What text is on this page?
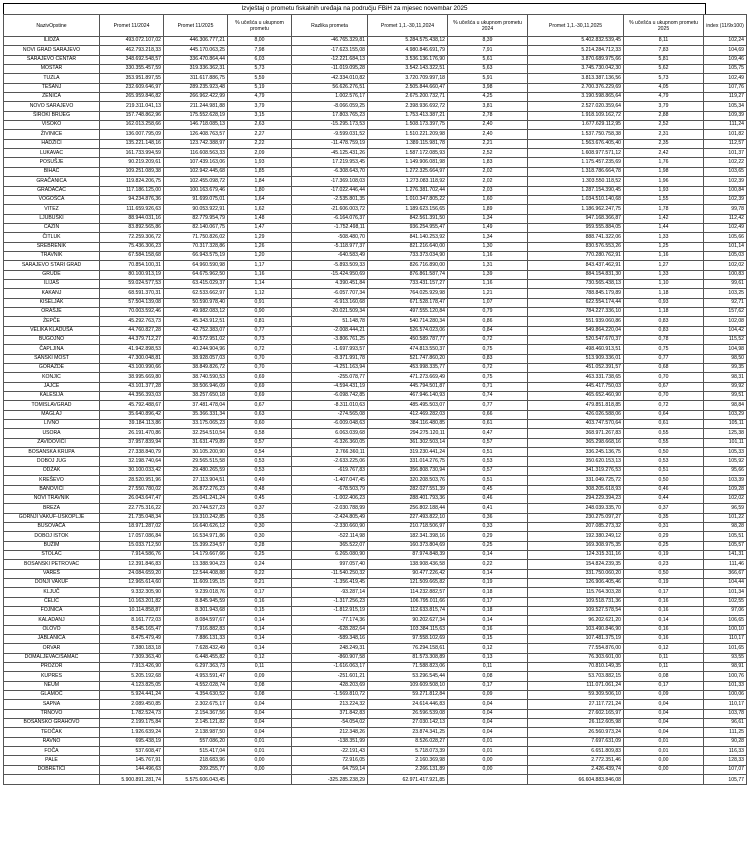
Izvještaj o prometu fiskalnih uređaja na području FBiH za mjesec novembar 2025
NazivOpstine	Promet 11/2024	Promet 11/2025	% učešća u ukupnom prometu	Razlika prometa	Promet 1,1.-30,11,2024	% učešća u ukupnom prometu 2024	Promet 1,1.-30,11,2025	% učešća u ukupnom prometu 2025	index (11/9x100)
ILIDŽA	493.072.107,02	446.306.777,21	8,00	-46.765.329,81	5.284.575.438,12	8,39	5.402.832.539,45	8,11	102,24
NOVI GRAD SARAJEVO	462.793.218,33	445.170.063,25	7,98	-17.623.155,08	4.980.846.691,79	7,91	5.214.284.712,33	7,83	104,69
SARAJEVO CENTAR	348.692.548,57	336.470.864,44	6,03	-12.221.684,13	3.536.136.176,90	5,61	3.870.689.975,66	5,81	109,46
MOSTAR	330.355.457,59	319.336.362,31	5,73	-11.019.095,28	3.542.143.322,51	5,63	3.745.730.042,30	5,62	105,75
TUZLA	353.951.897,55	311.617.886,75	5,59	-42.334.010,82	3.720.709.997,18	5,91	3.813.387.136,56	5,73	102,49
TEŠANJ	232.609.646,97	289.235.923,48	5,19	56.626.276,51	2.505.844.660,47	3,98	2.700.376.229,69	4,05	107,76
ZENICA	265.959.846,82	266.962.422,99	4,79	1.002.576,17	2.675.200.732,71	4,25	3.190.598.865,64	4,79	119,27
NOVO SARAJEVO	219.311.041,13	211.244.981,88	3,79	-8.066.059,25	2.398.936.692,72	3,81	2.527.020.359,64	3,79	105,34
ŠIROKI BRIJEG	157.748.862,96	175.552.628,19	3,15	17.803.765,23	1.753.413.387,21	2,78	1.918.109.162,72	2,88	109,39
VISOKO	162.013.258,66	146.718.085,13	2,63	-15.295.173,53	1.508.173.397,75	2,40	1.677.629.112,95	2,52	111,24
ŽIVINICE	136.007.795,09	126.408.763,57	2,27	-9.599.031,52	1.510.221.209,98	2,40	1.537.750.758,38	2,31	101,82
HADŽIĆI	135.221.148,16	123.742.388,97	2,22	-11.478.759,19	1.389.115.981,78	2,21	1.563.676.405,40	2,35	112,57
LUKAVAC	161.733.994,59	116.608.563,33	2,09	-45.125.431,26	1.587.172.085,93	2,52	1.608.977.571,12	2,42	101,37
POSUŠJE	90.219.209,61	107.439.163,06	1,93	17.219.953,45	1.149.906.081,98	1,83	1.175.457.235,69	1,76	102,22
BIHAĆ	109.251.089,38	102.942.445,68	1,85	-6.308.643,70	1.272.325.664,97	2,02	1.318.786.664,78	1,98	103,65
GRAČANICA	119.824.206,75	102.455.098,72	1,84	-17.369.108,03	1.273.083.118,92	2,02	1.303.550.118,52	1,96	102,39
GRADAČAC	117.186.125,00	100.163.679,46	1,80	-17.022.446,44	1.276.381.702,44	2,03	1.287.154.390,45	1,93	100,84
VOGOŠĆA	94.234.876,36	91.699.075,01	1,64	-2.535.801,35	1.010.347.805,22	1,60	1.034.510.140,68	1,55	102,39
VITEZ	111.659.926,63	90.053.922,91	1,62	-21.606.003,72	1.189.623.156,65	1,89	1.186.962.247,75	1,78	99,78
LJUBUŠKI	88.944.031,16	82.779.954,79	1,48	-6.164.076,37	842.561.391,50	1,34	947.168.366,87	1,42	112,42
CAZIN	83.892.565,86	82.140.067,75	1,47	-1.752.498,11	936.254.955,47	1,49	959.555.884,05	1,44	102,49
ČITLUK	72.259.306,72	71.750.826,02	1,29	-508.480,70	841.140.253,92	1,34	888.741.322,06	1,33	105,66
SREBRENIK	75.436.306,23	70.317.328,86	1,26	-5.118.977,37	821.216.640,00	1,30	830.576.553,26	1,25	101,14
TRAVNIK	67.584.158,68	66.943.575,19	1,20	-640.583,49	733.373.034,90	1,16	770.280.762,91	1,16	105,03
SARAJEVO STARI GRAD	70.854.100,31	64.960.590,98	1,17	-5.893.509,33	826.716.890,00	1,31	843.437.462,91	1,27	102,02
GRUDE	80.100.913,19	64.675.962,50	1,16	-15.424.950,69	876.861.587,74	1,39	884.154.831,30	1,33	100,83
ILIJAŠ	59.024.577,53	63.415.029,37	1,14	4.390.451,84	733.431.157,27	1,16	730.565.438,13	1,10	99,61
KAKANJ	68.591.370,31	62.533.662,97	1,12	-6.057.707,34	764.025.929,98	1,21	788.845.179,89	1,18	103,25
KISELJAK	57.504.139,08	50.590.978,40	0,91	-6.913.160,68	671.528.178,47	1,07	622.554.174,44	0,93	92,71
ORAŠJE	70.003.592,46	49.982.083,12	0,90	-20.021.509,34	497.555.120,84	0,79	784.227.336,10	1,18	157,62
ŽEPČE	45.292.763,73	45.343.912,51	0,81	51.148,78	540.714.280,34	0,86	551.939.060,86	0,83	102,08
VELIKA KLADUŠA	44.760.827,28	42.752.383,07	0,77	-2.008.444,21	526.574.023,06	0,84	549.864.220,04	0,83	104,42
BUGOJNO	44.379.712,27	40.572.951,02	0,73	-3.806.761,25	450.589.787,77	0,72	520.547.670,37	0,78	115,52
ČAPLJINA	41.942.898,53	40.244.904,96	0,72	-1.697.993,57	474.813.550,37	0,75	498.460.913,51	0,75	104,98
SANSKI MOST	47.300.048,81	38.928.057,03	0,70	-8.371.991,78	521.747.860,20	0,83	513.909.336,01	0,77	98,50
GORAŽDE	43.100.990,66	38.849.826,72	0,70	-4.251.163,94	453.998.335,77	0,72	451.052.391,57	0,68	99,35
KONJIC	38.995.669,80	38.740.590,53	0,69	-255.078,77	471.273.669,49	0,75	463.331.738,65	0,70	98,31
JAJCE	43.101.377,28	38.506.946,09	0,69	-4.594.431,19	445.794.501,87	0,71	445.417.750,03	0,67	99,92
KALESIJA	44.356.393,03	38.257.650,18	0,69	-6.098.742,85	467.946.140,93	0,74	465.652.460,90	0,70	99,51
TOMISLAVGRAD	45.792.488,67	37.481.478,04	0,67	-8.311.010,63	485.495.503,07	0,77	479.851.818,85	0,72	98,84
MAGLAJ	35.640.896,42	35.366.331,34	0,63	-274.565,08	412.469.282,03	0,66	426.026.588,06	0,64	103,29
LIVNO	39.184.113,86	33.175.065,23	0,60	-6.009.048,63	384.116.480,85	0,61	403.747.570,64	0,61	105,11
USORA	26.191.470,86	32.254.510,54	0,58	6.063.039,68	294.275.120,11	0,47	368.971.267,83	0,55	125,38
ZAVIDOVIĆI	37.957.839,94	31.631.479,89	0,57	-6.326.360,05	361.302.503,14	0,57	365.298.668,16	0,55	101,11
BOSANSKA KRUPA	27.338.840,79	30.105.200,90	0,54	2.766.360,11	319.230.441,24	0,51	336.245.136,75	0,50	105,33
DOBOJ JUG	32.198.740,64	29.565.515,58	0,53	-2.633.225,06	331.014.276,75	0,53	350.620.153,13	0,53	105,92
ODŽAK	30.100.033,42	29.480.265,59	0,53	-619.767,83	356.808.730,94	0,57	341.319.276,53	0,51	95,66
KREŠEVO	28.520.951,96	27.113.904,51	0,49	-1.407.047,45	320.208.503,76	0,51	331.049.725,72	0,50	103,39
BANOVIĆI	27.550.780,02	26.872.276,23	0,48	-678.503,79	282.027.551,39	0,45	308.205.618,93	0,46	109,28
NOVI TRAVNIK	26.043.647,47	25.041.241,24	0,45	-1.002.406,23	288.401.793,36	0,46	294.229.394,23	0,44	102,02
BREZA	22.775.316,22	20.744.527,23	0,37	-2.030.788,99	256.802.188,44	0,41	248.039.335,70	0,37	96,59
GORNJI VAKUF-USKOPLJE	21.735.048,34	19.310.242,85	0,35	-2.424.805,49	227.493.822,10	0,36	230.275.097,27	0,35	101,22
BUSOVAČA	18.971.287,02	16.640.626,12	0,30	-2.330.660,90	210.718.506,97	0,33	207.085.273,32	0,31	98,28
DOBOJ ISTOK	17.057.086,84	16.534.971,86	0,30	-522.114,98	182.341.398,16	0,29	192.380.249,12	0,29	105,51
BUŽIM	15.033.712,50	15.399.234,57	0,28	365.522,07	160.373.804,69	0,25	169.308.975,35	0,25	105,57
STOLAC	7.914.586,76	14.179.667,66	0,25	6.265.080,90	87.974.848,39	0,14	124.315.311,16	0,19	141,31
BOSANSKI PETROVAC	12.391.846,83	13.388.904,23	0,24	997.057,40	138.908.436,58	0,22	154.824.239,35	0,23	111,46
VAREŠ	24.084.659,20	12.544.408,88	0,22	-11.540.250,32	90.477.226,42	0,14	331.750.060,20	0,50	366,67
DONJI VAKUF	12.965.614,60	11.609.195,15	0,21	-1.356.419,45	121.509.665,82	0,19	126.906.405,46	0,19	104,44
KLJUČ	9.332.305,90	9.239.018,76	0,17	-93.287,14	114.232.882,57	0,18	115.764.303,28	0,17	101,34
ČELIĆ	10.163.201,82	8.845.945,59	0,16	-1.317.256,23	106.795.011,66	0,17	109.518.731,36	0,16	102,55
FOJNICA	10.114.858,87	8.301.943,68	0,15	-1.812.915,19	112.633.815,74	0,18	109.527.578,54	0,16	97,06
KALADANJ	8.161.772,03	8.084.597,67	0,14	-77.174,36	90.202.627,34	0,14	96.202.621,20	0,14	106,65
OLOVO	8.545.165,47	7.916.882,83	0,14	-628.282,64	103.384.115,63	0,16	103.490.846,90	0,16	100,10
JABLANICA	8.475.479,49	7.886.131,33	0,14	-589.348,16	97.558.102,69	0,15	107.481.375,19	0,16	110,17
ORVAR	7.380.183,18	7.628.432,49	0,14	248.249,31	76.294.158,61	0,12	77.554.876,00	0,12	101,65
DOMALJEVAC/ŠAMAC	7.309.363,40	6.448.455,82	0,12	-860.907,58	81.573.308,89	0,13	76.303.601,00	0,11	93,55
PROZOR	7.913.426,90	6.297.363,73	0,11	-1.616.063,17	71.588.823,06	0,11	70.810.149,35	0,11	98,91
KUPRES	5.205.192,68	4.953.591,47	0,09	-251.601,21	53.296.545,44	0,08	53.703.882,15	0,08	100,76
NEUM	4.123.825,05	4.552.028,74	0,08	428.203,69	109.609.508,10	0,17	111.071.061,24	0,17	101,33
GLAMOČ	5.924.441,24	4.354.630,52	0,08	-1.569.810,72	59.271.812,84	0,09	59.309.506,10	0,09	100,06
SAPNA	2.089.450,85	2.302.675,17	0,04	213.224,32	24.614.446,83	0,04	27.117.721,24	0,04	110,17
TRNOVO	1.782.524,73	2.154.367,56	0,04	371.842,83	26.596.539,08	0,04	27.602.165,97	0,04	103,78
BOSANSKO GRAHOVO	2.199.175,84	2.145.121,82	0,04	-54.054,02	27.030.142,13	0,04	26.112.605,98	0,04	96,61
TEOČAK	1.926.639,24	2.138.987,50	0,04	212.348,26	23.874.341,25	0,04	26.560.973,24	0,04	111,25
RAVNO	695.438,19	557.086,20	0,01	-138.351,99	8.526.028,27	0,01	7.697.631,09	0,01	90,28
FOČA	537.608,47	515.417,04	0,01	-22.191,43	5.718.073,39	0,01	6.651.809,83	0,01	116,33
PALE	145.767,91	218.683,96	0,00	72.916,05	2.160.369,98	0,00	2.772.351,46	0,00	128,33
DOBRETIĆI	144.496,63	209.255,77	0,00	64.759,14	2.266.131,89	0,00	2.426.439,74	0,00	107,07
	5.900.891.281,74	5.575.606.043,45		-325.285.238,29	62.971.417.921,85		66.604.883.846,08		105,77
